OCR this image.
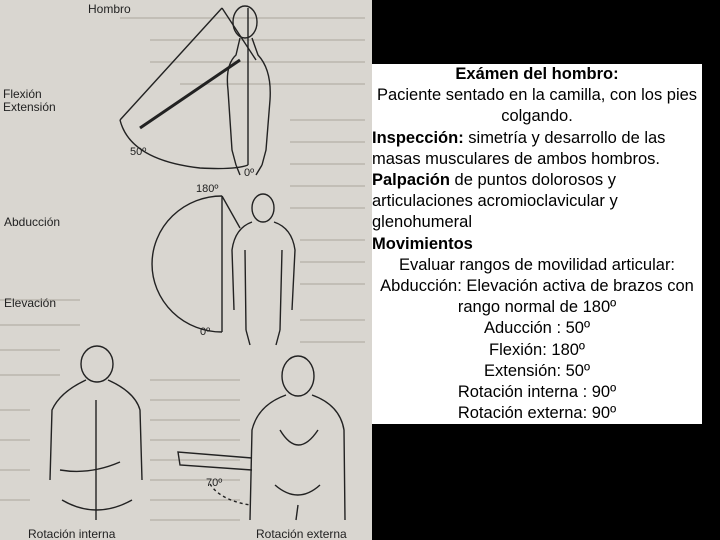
Hombro
Flexión
Extensión
50º
0º
180º
Abducción
Elevación
0º
70º
Rotación interna	Rotación externa
Exámen del hombro:
Paciente sentado en la camilla, con los pies colgando.
Inspección: simetría y desarrollo de las masas musculares de ambos hombros.
Palpación de puntos dolorosos y articulaciones acromioclavicular y glenohumeral
Movimientos
Evaluar rangos de movilidad articular:
Abducción: Elevación activa de brazos con rango normal de 180º
Aducción : 50º
Flexión: 180º
Extensión: 50º
Rotación interna : 90º
Rotación externa: 90º
